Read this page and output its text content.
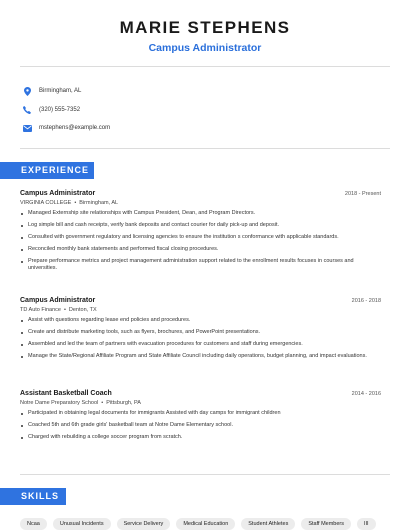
MARIE STEPHENS
Campus Administrator
Birmingham, AL
(320) 555-7352
mstephens@example.com
EXPERIENCE
Campus Administrator	2018 - Present
VIRGINIA COLLEGE • Birmingham, AL
Managed Externship site relationships with Campus President, Dean, and Program Directors.
Log simple bill and cash receipts, verify bank deposits and contact courier for daily pick-up and deposit.
Consulted with government regulatory and licensing agencies to ensure the institution s conformance with applicable standards.
Reconciled monthly bank statements and performed fiscal closing procedures.
Prepare performance metrics and project management administration support related to the enrollment results focuses in courses and universities.
Campus Administrator	2016 - 2018
TD Auto Finance • Denton, TX
Assist with questions regarding lease end policies and procedures.
Create and distribute marketing tools, such as flyers, brochures, and PowerPoint presentations.
Assembled and led the team of partners with evacuation procedures for customers and staff during emergencies.
Manage the State/Regional Affiliate Program and State Affiliate Council including daily operations, budget planning, and impact evaluations.
Assistant Basketball Coach	2014 - 2016
Notre Dame Preparatory School • Pittsburgh, PA
Participated in obtaining legal documents for immigrants Assisted with day camps for immigrant children
Coached 5th and 6th grade girls' basketball team at Notre Dame Elementary school.
Charged with rebuilding a college soccer program from scratch.
SKILLS
Ncaa	Unusual Incidents	Service Delivery	Medical Education	Student Athletes	Staff Members	III
